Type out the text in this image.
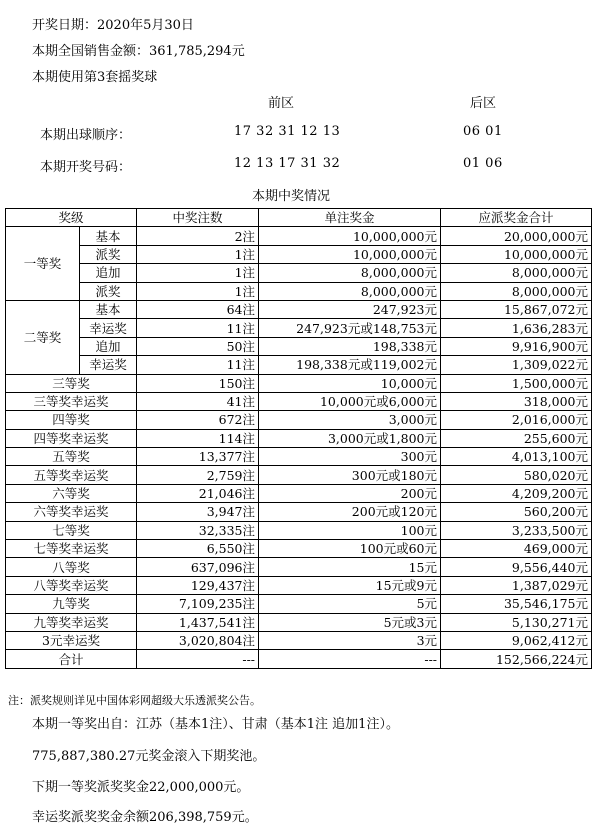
开奖日期：2020年5月30日
本期全国销售金额：361,785,294元
本期使用第3套摇奖球
前区	后区
本期出球顺序：	17 32 31 12 13	06 01
本期开奖号码：	12 13 17 31 32	01 06
本期中奖情况
奖级		中奖注数	单注奖金	应派奖金合计
一等奖	基本	2注	10,000,000元	20,000,000元
	派奖	1注	10,000,000元	10,000,000元
	追加	1注	8,000,000元	8,000,000元
	派奖	1注	8,000,000元	8,000,000元
二等奖	基本	64注	247,923元	15,867,072元
	幸运奖	11注	247,923元或148,753元	1,636,283元
	追加	50注	198,338元	9,916,900元
	幸运奖	11注	198,338元或119,002元	1,309,022元
三等奖		150注	10,000元	1,500,000元
三等奖幸运奖		41注	10,000元或6,000元	318,000元
四等奖		672注	3,000元	2,016,000元
四等奖幸运奖		114注	3,000元或1,800元	255,600元
五等奖		13,377注	300元	4,013,100元
五等奖幸运奖		2,759注	300元或180元	580,020元
六等奖		21,046注	200元	4,209,200元
六等奖幸运奖		3,947注	200元或120元	560,200元
七等奖		32,335注	100元	3,233,500元
七等奖幸运奖		6,550注	100元或60元	469,000元
八等奖		637,096注	15元	9,556,440元
八等奖幸运奖		129,437注	15元或9元	1,387,029元
九等奖		7,109,235注	5元	35,546,175元
九等奖幸运奖		1,437,541注	5元或3元	5,130,271元
3元幸运奖		3,020,804注	3元	9,062,412元
合计		---	---	152,566,224元
注：派奖规则详见中国体彩网超级大乐透派奖公告。
本期一等奖出自：江苏（基本1注）、甘肃（基本1注 追加1注）。
775,887,380.27元奖金滚入下期奖池。
下期一等奖派奖奖金22,000,000元。
幸运奖派奖奖金余额206,398,759元。
